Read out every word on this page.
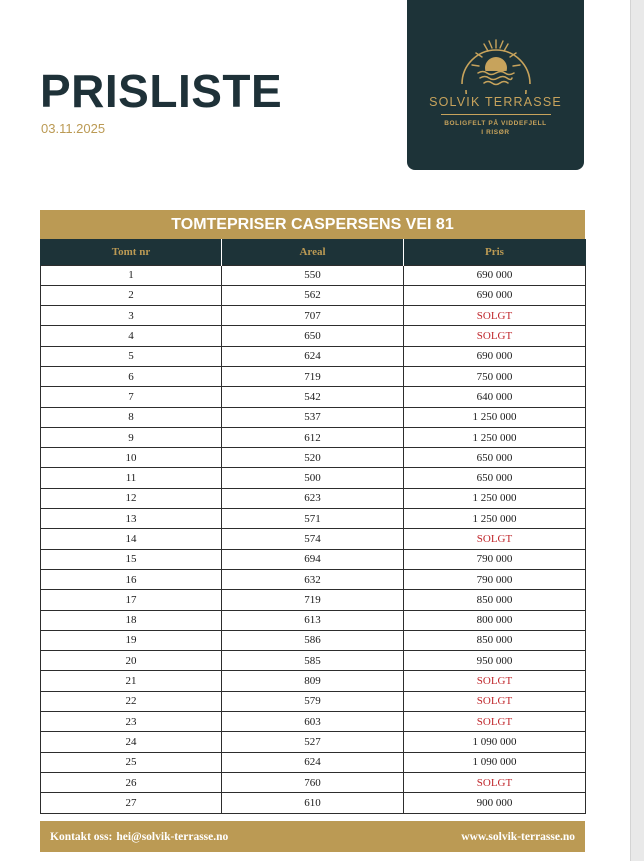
PRISLISTE
03.11.2025
SOLVIK TERRASSE
BOLIGFELT PÅ VIDDEFJELL
I RISØR
TOMTEPRISER CASPERSENS VEI 81
Tomt nr	Areal	Pris
1	550	690 000
2	562	690 000
3	707	SOLGT
4	650	SOLGT
5	624	690 000
6	719	750 000
7	542	640 000
8	537	1 250 000
9	612	1 250 000
10	520	650 000
11	500	650 000
12	623	1 250 000
13	571	1 250 000
14	574	SOLGT
15	694	790 000
16	632	790 000
17	719	850 000
18	613	800 000
19	586	850 000
20	585	950 000
21	809	SOLGT
22	579	SOLGT
23	603	SOLGT
24	527	1 090 000
25	624	1 090 000
26	760	SOLGT
27	610	900 000
Kontakt oss: hei@solvik-terrasse.no	www.solvik-terrasse.no
